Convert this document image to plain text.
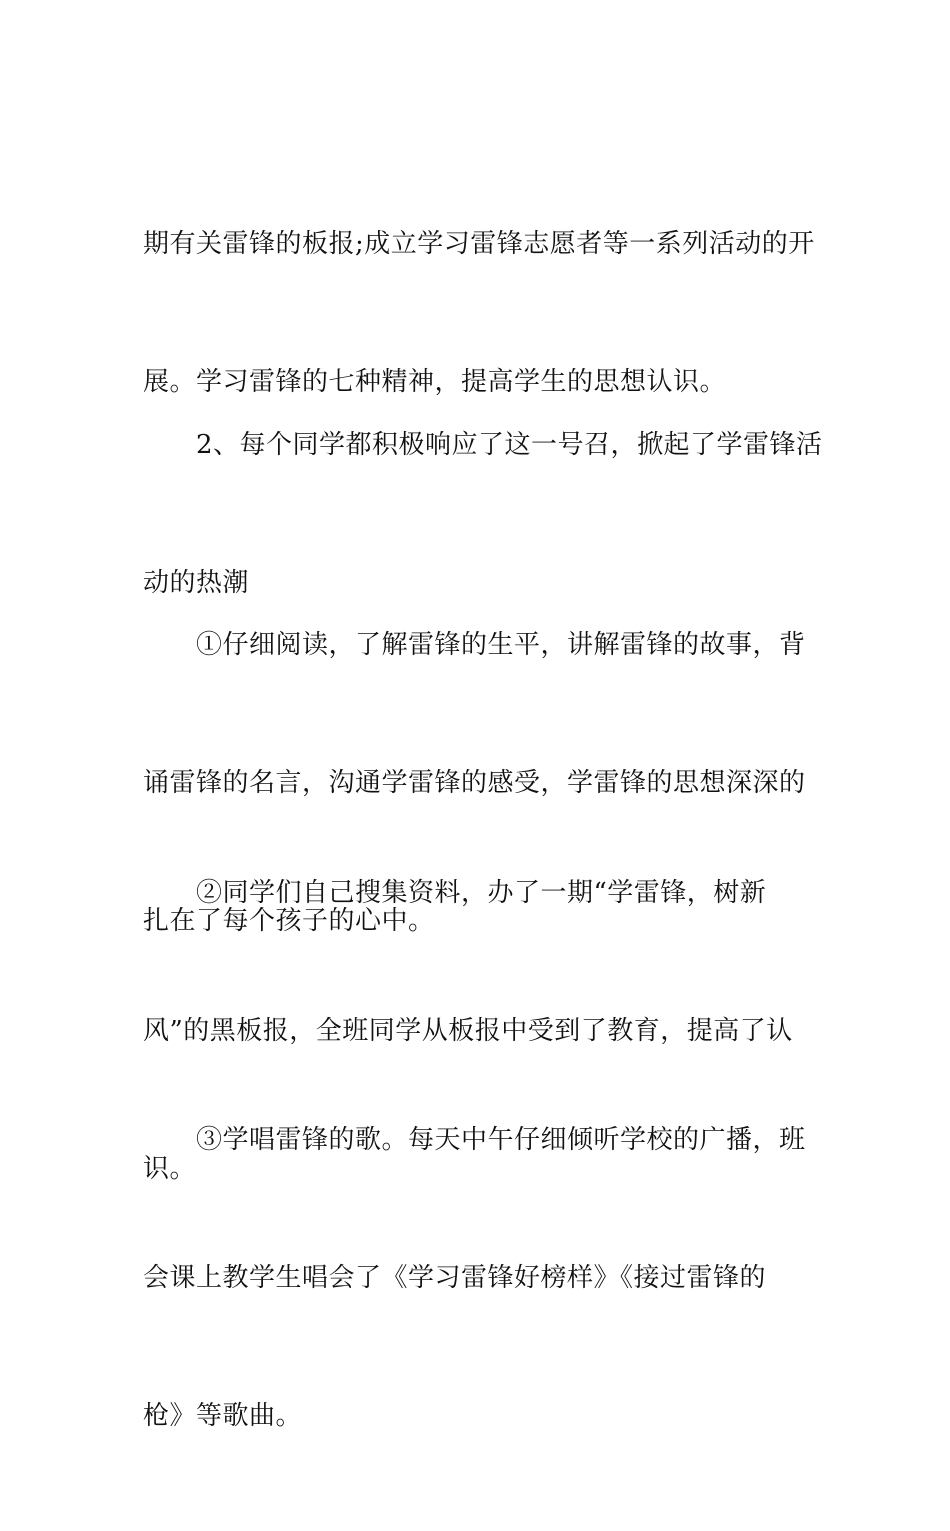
期有关雷锋的板报;成立学习雷锋志愿者等一系列活动的开

展。学习雷锋的七种精神，提高学生的思想认识。

　　2、每个同学都积极响应了这一号召，掀起了学雷锋活

动的热潮

　　①仔细阅读，了解雷锋的生平，讲解雷锋的故事，背

诵雷锋的名言，沟通学雷锋的感受，学雷锋的思想深深的

扎在了每个孩子的心中。

　　②同学们自己搜集资料，办了一期“学雷锋，树新

风”的黑板报，全班同学从板报中受到了教育，提高了认

识。

　　③学唱雷锋的歌。每天中午仔细倾听学校的广播，班

会课上教学生唱会了《学习雷锋好榜样》《接过雷锋的

枪》等歌曲。
